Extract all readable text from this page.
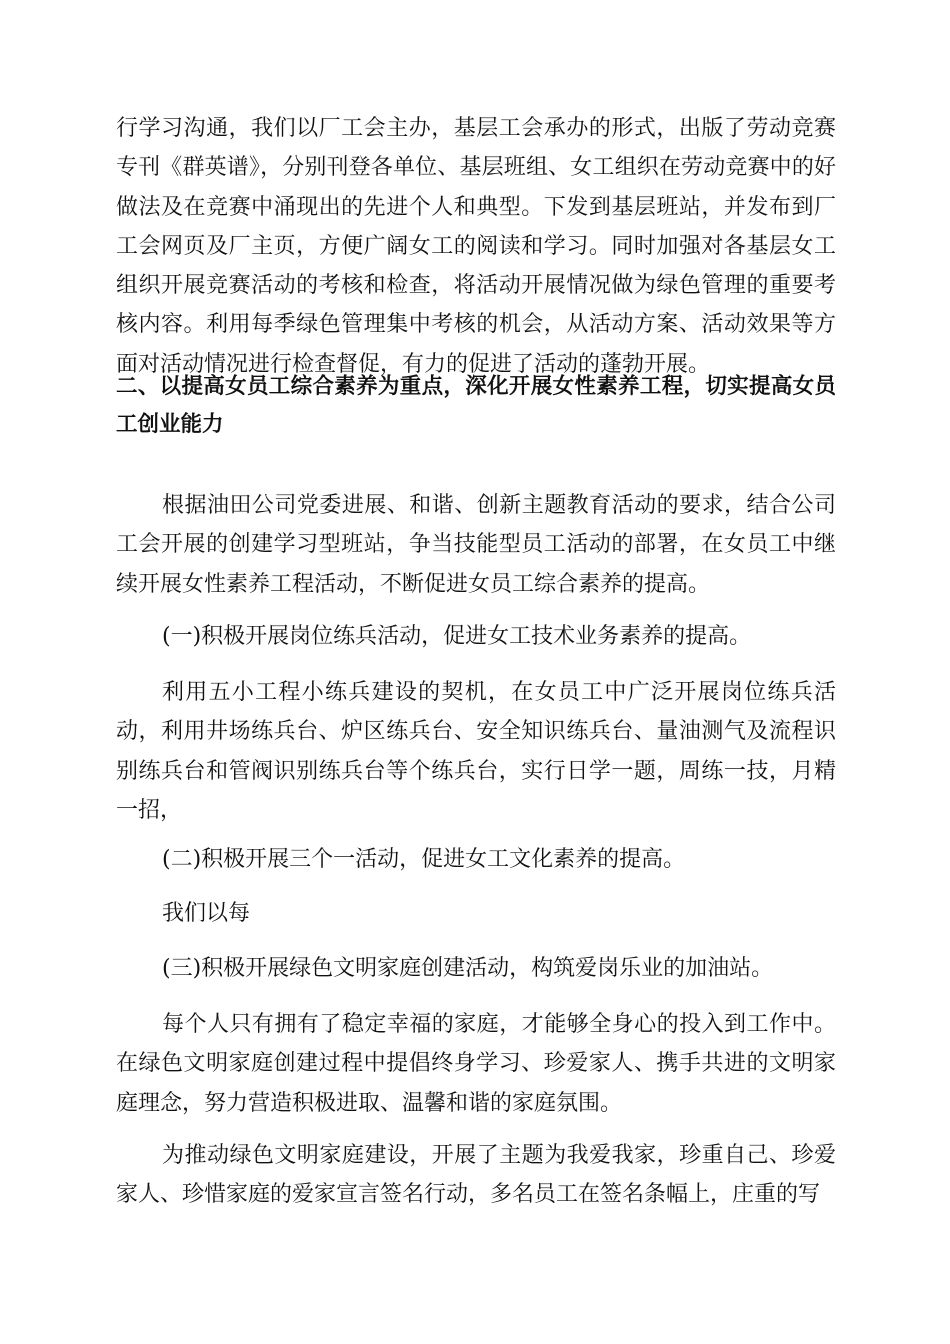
行学习沟通，我们以厂工会主办，基层工会承办的形式，出版了劳动竞赛专刊《群英谱》，分别刊登各单位、基层班组、女工组织在劳动竞赛中的好做法及在竞赛中涌现出的先进个人和典型。下发到基层班站，并发布到厂工会网页及厂主页，方便广阔女工的阅读和学习。同时加强对各基层女工组织开展竞赛活动的考核和检查，将活动开展情况做为绿色管理的重要考核内容。利用每季绿色管理集中考核的机会，从活动方案、活动效果等方面对活动情况进行检查督促，有力的促进了活动的蓬勃开展。

二、以提高女员工综合素养为重点，深化开展女性素养工程，切实提高女员工创业能力

根据油田公司党委进展、和谐、创新主题教育活动的要求，结合公司工会开展的创建学习型班站，争当技能型员工活动的部署，在女员工中继续开展女性素养工程活动，不断促进女员工综合素养的提高。

(一)积极开展岗位练兵活动，促进女工技术业务素养的提高。

利用五小工程小练兵建设的契机，在女员工中广泛开展岗位练兵活动，利用井场练兵台、炉区练兵台、安全知识练兵台、量油测气及流程识别练兵台和管阀识别练兵台等个练兵台，实行日学一题，周练一技，月精一招，

(二)积极开展三个一活动，促进女工文化素养的提高。

我们以每

(三)积极开展绿色文明家庭创建活动，构筑爱岗乐业的加油站。

每个人只有拥有了稳定幸福的家庭，才能够全身心的投入到工作中。在绿色文明家庭创建过程中提倡终身学习、珍爱家人、携手共进的文明家庭理念，努力营造积极进取、温馨和谐的家庭氛围。

为推动绿色文明家庭建设，开展了主题为我爱我家，珍重自己、珍爱家人、珍惜家庭的爱家宣言签名行动，多名员工在签名条幅上，庄重的写
